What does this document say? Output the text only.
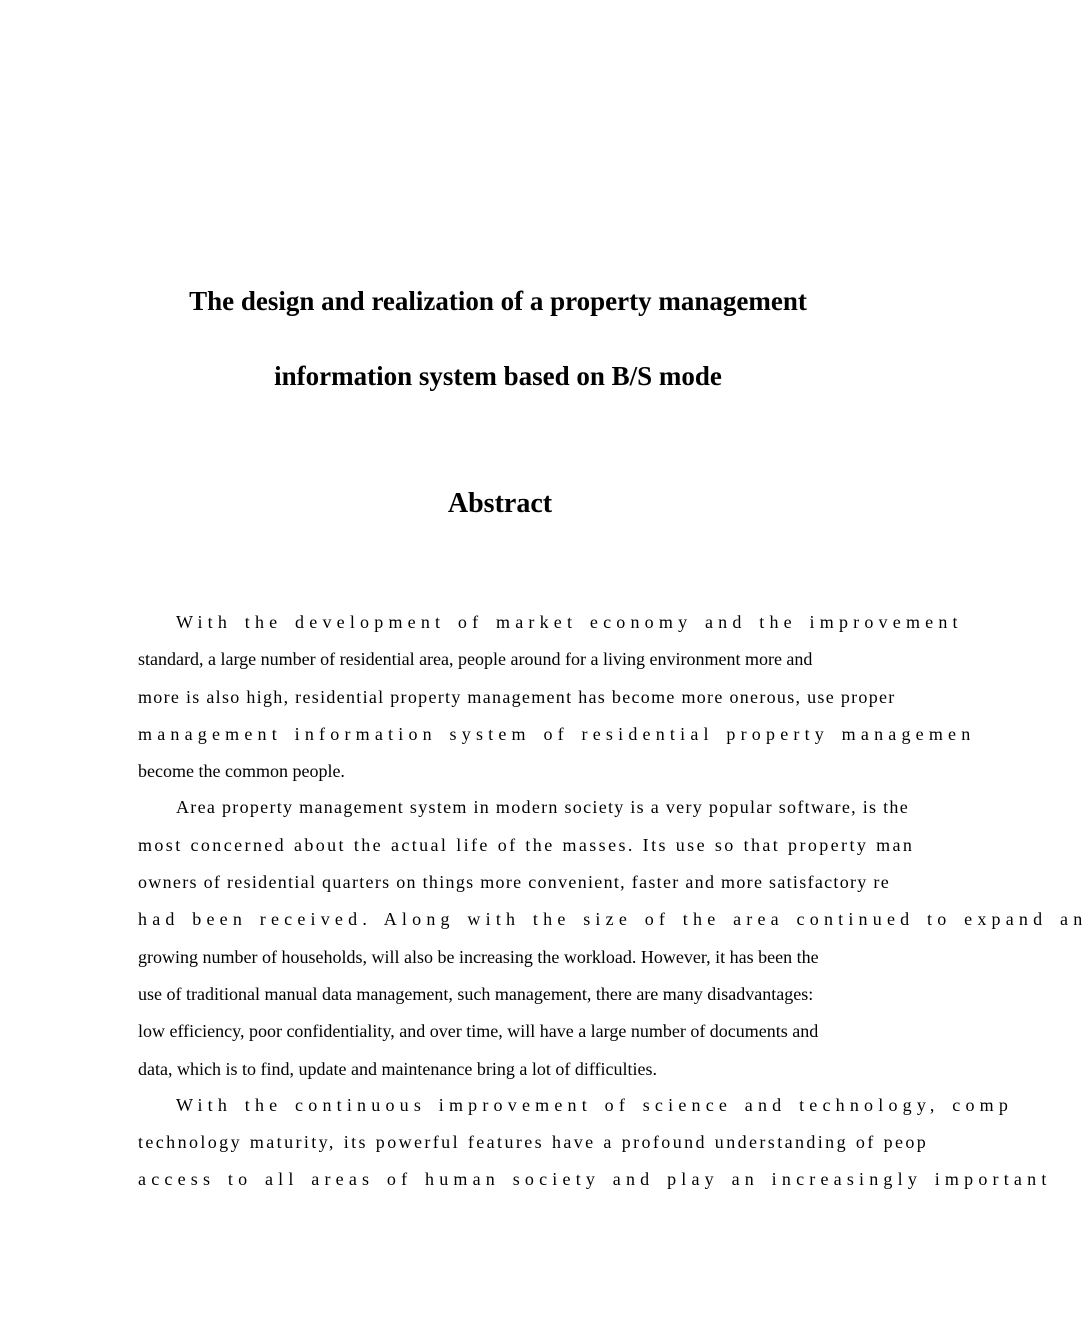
The design and realization of a property management
information system based on B/S mode
Abstract
With the development of market economy and the improvement
standard, a large number of residential area, people around for a living environment more and
more is also high, residential property management has become more onerous, use proper
management information system of residential property managemen
become the common people.
Area property management system in modern society is a very popular software, is the
most concerned about the actual life of the masses. Its use so that property man
owners of residential quarters on things more convenient, faster and more satisfactory re
had been received. Along with the size of the area continued to expand an
growing number of households, will also be increasing the workload. However, it has been the
use of traditional manual data management, such management, there are many disadvantages:
low efficiency, poor confidentiality, and over time, will have a large number of documents and
data, which is to find, update and maintenance bring a lot of difficulties.
With the continuous improvement of science and technology, comp
technology maturity, its powerful features have a profound understanding of peop
access to all areas of human society and play an increasingly important
